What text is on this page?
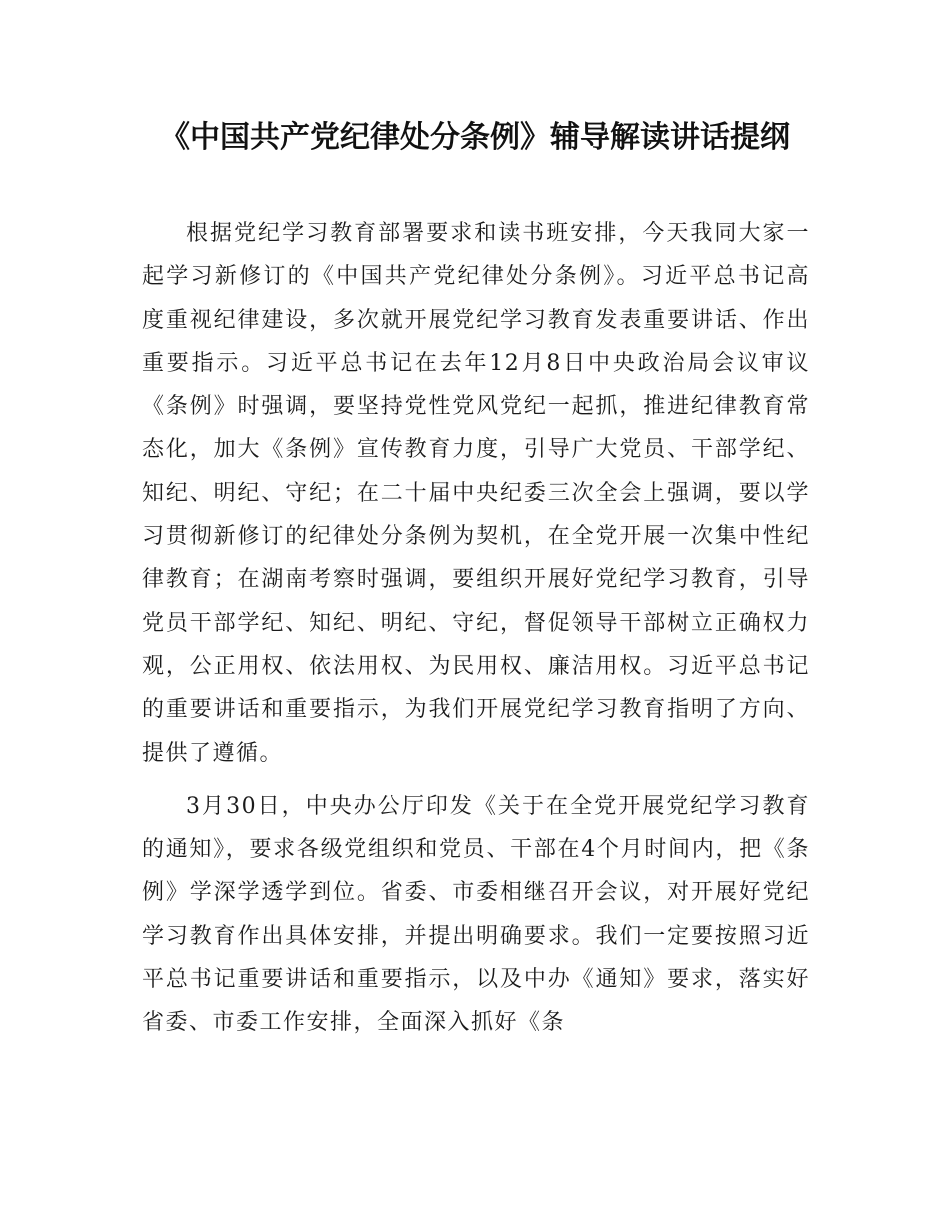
《中国共产党纪律处分条例》辅导解读讲话提纲

根据党纪学习教育部署要求和读书班安排，今天我同大家一起学习新修订的《中国共产党纪律处分条例》。习近平总书记高度重视纪律建设，多次就开展党纪学习教育发表重要讲话、作出重要指示。习近平总书记在去年12月8日中央政治局会议审议《条例》时强调，要坚持党性党风党纪一起抓，推进纪律教育常态化，加大《条例》宣传教育力度，引导广大党员、干部学纪、知纪、明纪、守纪；在二十届中央纪委三次全会上强调，要以学习贯彻新修订的纪律处分条例为契机，在全党开展一次集中性纪律教育；在湖南考察时强调，要组织开展好党纪学习教育，引导党员干部学纪、知纪、明纪、守纪，督促领导干部树立正确权力观，公正用权、依法用权、为民用权、廉洁用权。习近平总书记的重要讲话和重要指示，为我们开展党纪学习教育指明了方向、提供了遵循。

3月30日，中央办公厅印发《关于在全党开展党纪学习教育的通知》，要求各级党组织和党员、干部在4个月时间内，把《条例》学深学透学到位。省委、市委相继召开会议，对开展好党纪学习教育作出具体安排，并提出明确要求。我们一定要按照习近平总书记重要讲话和重要指示，以及中办《通知》要求，落实好省委、市委工作安排，全面深入抓好《条
